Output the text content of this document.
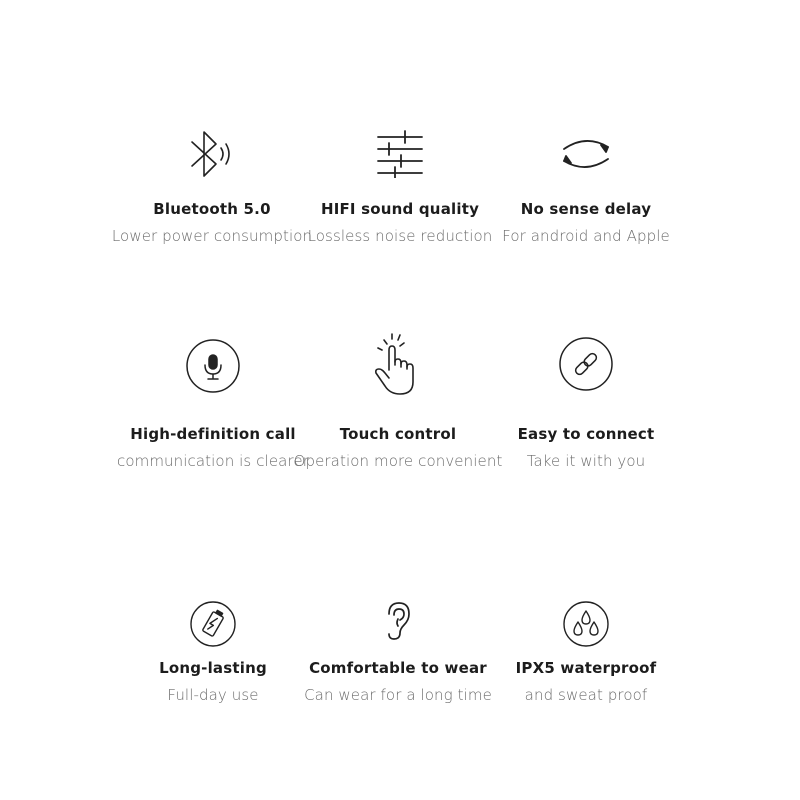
Bluetooth 5.0
Lower power consumption
HIFI sound quality
Lossless noise reduction
No sense delay
For android and Apple
High-definition call
communication is clearer
Touch control
Operation more convenient
Easy to connect
Take it with you
Long-lasting
Full-day use
Comfortable to wear
Can wear for a long time
IPX5 waterproof
and sweat proof
